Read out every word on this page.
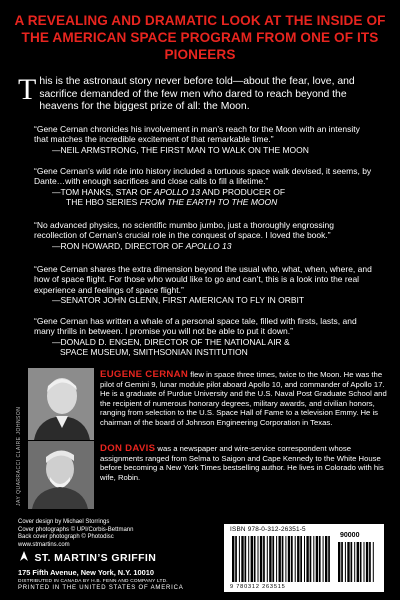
A REVEALING AND DRAMATIC LOOK AT THE INSIDE OF THE AMERICAN SPACE PROGRAM FROM ONE OF ITS PIONEERS
This is the astronaut story never before told—about the fear, love, and sacrifice demanded of the few men who dared to reach beyond the heavens for the biggest prize of all: the Moon.
“Gene Cernan chronicles his involvement in man’s reach for the Moon with an intensity that matches the incredible excitement of that remarkable time.”
—NEIL ARMSTRONG, THE FIRST MAN TO WALK ON THE MOON
“Gene Cernan’s wild ride into history included a tortuous space walk devised, it seems, by Dante…with enough sacrifices and close calls to fill a lifetime.”
—TOM HANKS, STAR OF APOLLO 13 AND PRODUCER OF
THE HBO SERIES FROM THE EARTH TO THE MOON
“No advanced physics, no scientific mumbo jumbo, just a thoroughly engrossing recollection of Cernan’s crucial role in the conquest of space. I loved the book.”
—RON HOWARD, DIRECTOR OF APOLLO 13
“Gene Cernan shares the extra dimension beyond the usual who, what, when, where, and how of space flight. For those who would like to go and can’t, this is a look into the real experience and feelings of space flight.”
—SENATOR JOHN GLENN, FIRST AMERICAN TO FLY IN ORBIT
“Gene Cernan has written a whale of a personal space tale, filled with firsts, lasts, and many thrills in between. I promise you will not be able to put it down.”
—DONALD D. ENGEN, DIRECTOR OF THE NATIONAL AIR &
SPACE MUSEUM, SMITHSONIAN INSTITUTION
JAY QUARRACCI CLAIRE JOHNSON
EUGENE CERNAN flew in space three times, twice to the Moon. He was the pilot of Gemini 9, lunar module pilot aboard Apollo 10, and commander of Apollo 17. He is a graduate of Purdue University and the U.S. Naval Post Graduate School and the recipient of numerous honorary degrees, military awards, and civilian honors, ranging from selection to the U.S. Space Hall of Fame to a television Emmy. He is chairman of the board of Johnson Engineering Corporation in Texas.
DON DAVIS was a newspaper and wire-service correspondent whose assignments ranged from Selma to Saigon and Cape Kennedy to the White House before becoming a New York Times bestselling author. He lives in Colorado with his wife, Robin.
Cover design by Michael Storrings
Cover photographs © UPI/Corbis-Bettmann
Back cover photograph © Photodisc
www.stmartins.com
ST. MARTIN’S GRIFFIN
175 Fifth Avenue, New York, N.Y. 10010
DISTRIBUTED IN CANADA BY H.B. FENN AND COMPANY LTD.
PRINTED IN THE UNITED STATES OF AMERICA
ISBN 978-0-312-26351-5
90000
9 780312 263515
